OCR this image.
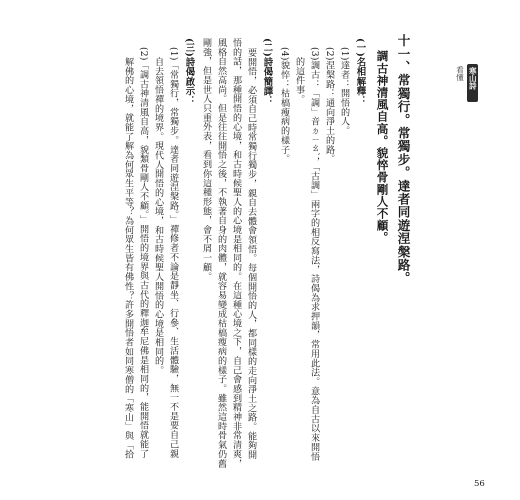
看懂 寒山詩
十一、常獨行。常獨步。達者同遊涅槃路。
調古神清風自高。貌悴骨剛人不顧。
(一)名相解釋：
(1)達者：開悟的人。
(2)涅槃路：通向淨土的路。
(3)調古：「調」音ㄉㄧㄠˋ，「古調」兩字的相反寫法，詩偈為求押韻，常用此法。意為自古以來開悟
的這件事。
(4)貌悴：枯槁瘦病的樣子。
(二)詩偈簡譯：
要開悟，必須自己時常獨行獨步，親自去體會領悟。每個開悟的人，都同樣的走向淨土之路。能夠開
悟的話，那種開悟的心境，和古時候聖人的心境是相同的。在這種心境之下，自己會感到精神非常清爽，
風格自然高尚。但是往往開悟之後，不執著自身的肉體，就容易變成枯槁瘦病的樣子。雖然這時骨氣仍舊
剛強，但是世人只重外表，看到你這種形態，會不屑一顧。
(三)詩偈啟示：
(1)「常獨行，常獨步。達者同遊涅槃路。」禪修者不論是靜坐、行參、生活體驗，無一不是要自己親
自去領悟禪的境界。現代人開悟的心境，和古時候聖人開悟的心境是相同的。
(2)「調古神清風自高，貌類骨剛人不顧。」開悟的境界與古代的釋迦牟尼佛是相同的，能開悟就能了
解佛的心境，就能了解為何眾生平等？為何眾生皆有佛性？許多開悟者如同寒僧的「寒山」與「拾
56
